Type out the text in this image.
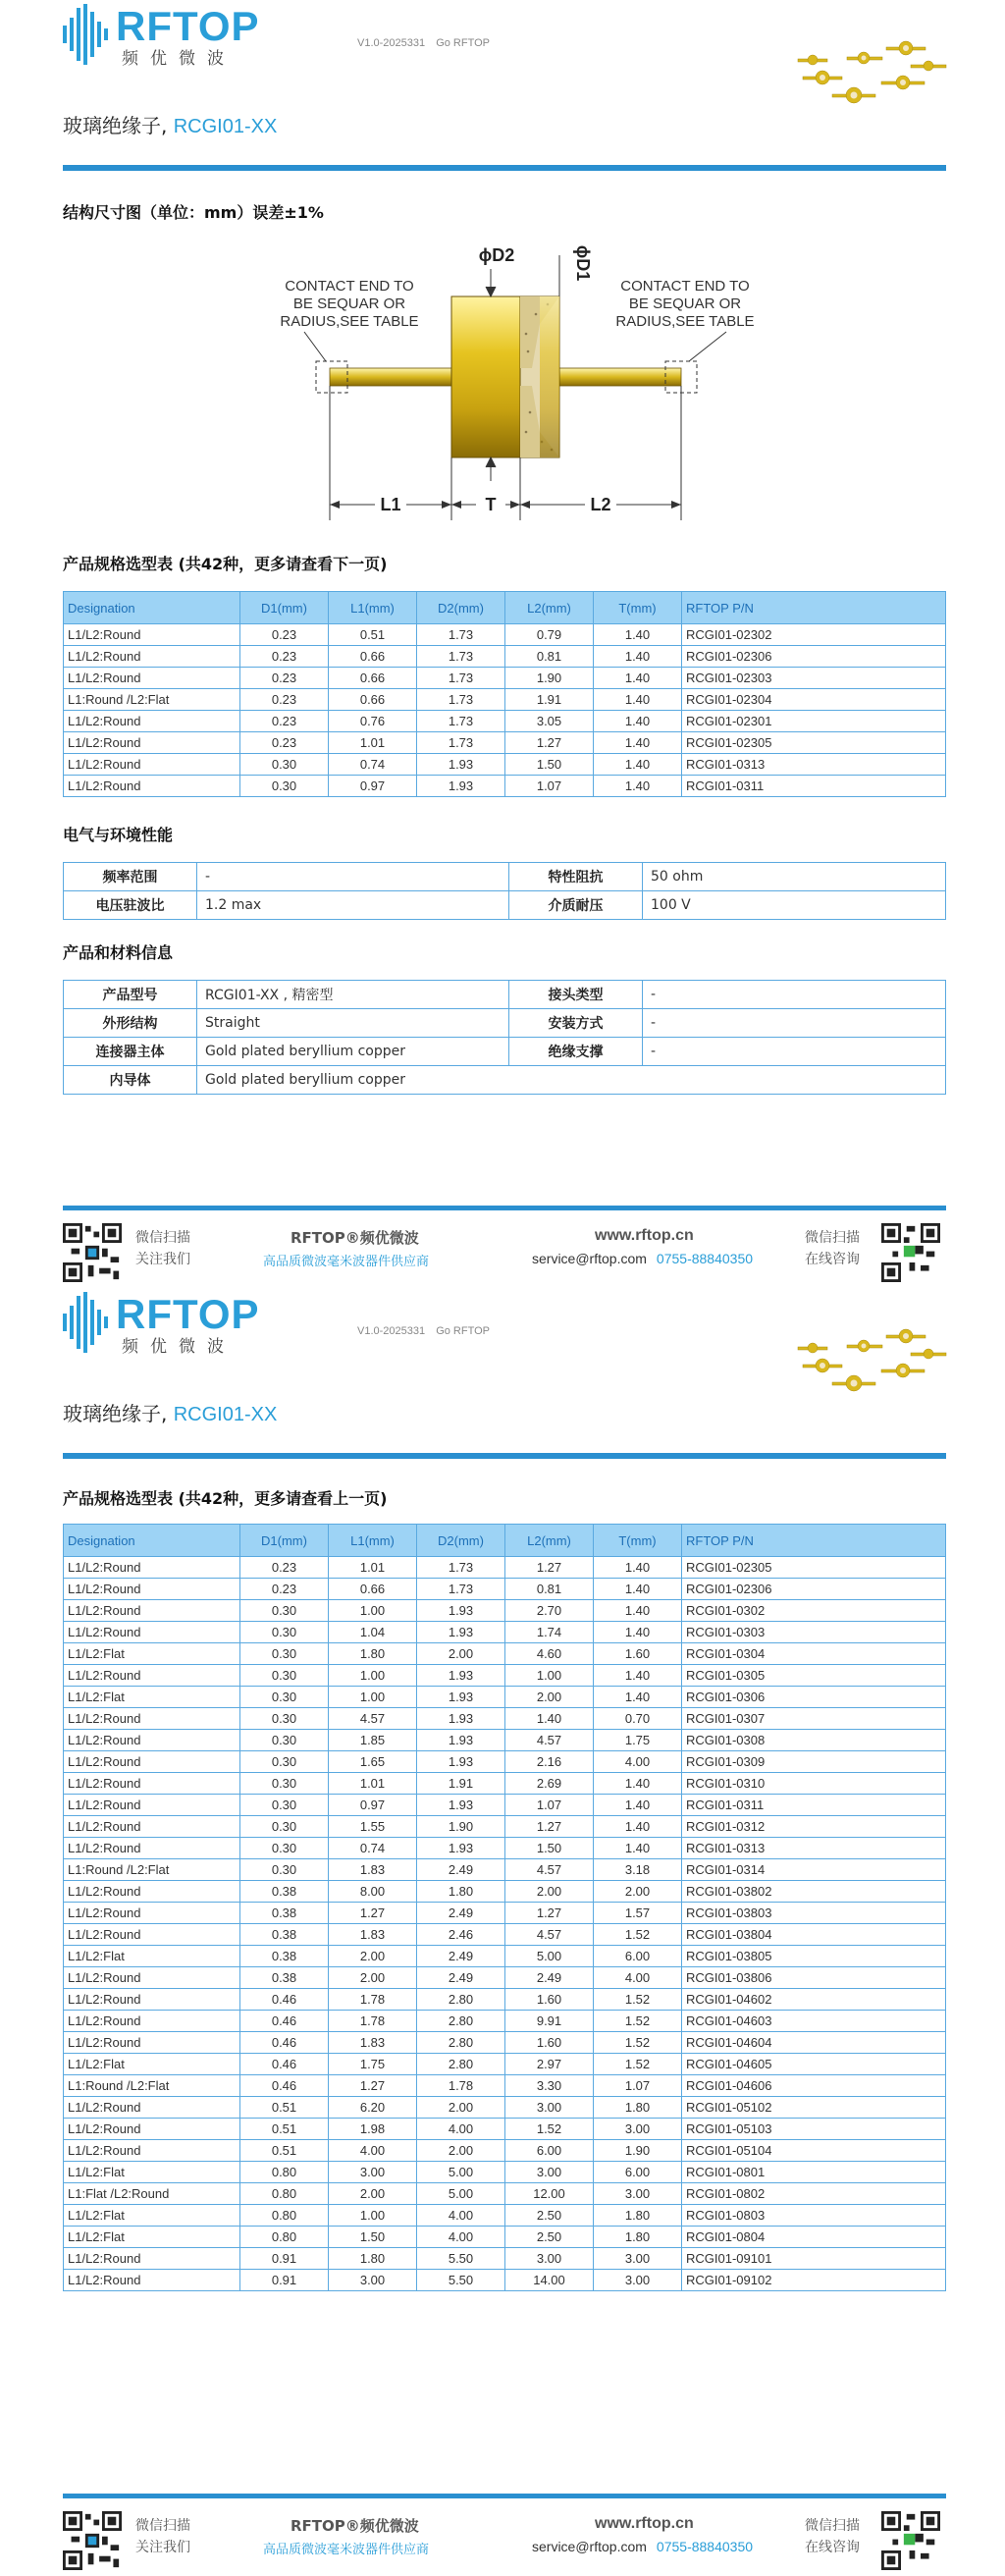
RFTOP
频优微波
V1.0-2025331 Go RFTOP
玻璃绝缘子, RCGI01-XX
结构尺寸图（单位：mm）误差±1%
CONTACT END TO
BE SEQUAR OR
RADIUS,SEE TABLE
CONTACT END TO
BE SEQUAR OR
RADIUS,SEE TABLE
L1	T	L2
ϕD2	ϕD1
产品规格选型表 (共42种，更多请查看下一页)
Designation	D1(mm)	L1(mm)	D2(mm)	L2(mm)	T(mm)	RFTOP P/N
L1/L2:Round	0.23	0.51	1.73	0.79	1.40	RCGI01-02302
L1/L2:Round	0.23	0.66	1.73	0.81	1.40	RCGI01-02306
L1/L2:Round	0.23	0.66	1.73	1.90	1.40	RCGI01-02303
L1:Round /L2:Flat	0.23	0.66	1.73	1.91	1.40	RCGI01-02304
L1/L2:Round	0.23	0.76	1.73	3.05	1.40	RCGI01-02301
L1/L2:Round	0.23	1.01	1.73	1.27	1.40	RCGI01-02305
L1/L2:Round	0.30	0.74	1.93	1.50	1.40	RCGI01-0313
L1/L2:Round	0.30	0.97	1.93	1.07	1.40	RCGI01-0311
电气与环境性能
频率范围	-	特性阻抗	50 ohm
电压驻波比	1.2 max	介质耐压	100 V
产品和材料信息
产品型号	RCGI01-XX , 精密型	接头类型	-
外形结构	Straight	安装方式	-
连接器主体	Gold plated beryllium copper	绝缘支撑	-
内导体	Gold plated beryllium copper		
微信扫描
关注我们
RFTOP®频优微波
高品质微波毫米波器件供应商
www.rftop.cn
service@rftop.com 0755-88840350
微信扫描
在线咨询
RFTOP
频优微波
V1.0-2025331 Go RFTOP
玻璃绝缘子, RCGI01-XX
产品规格选型表 (共42种，更多请查看上一页)
Designation	D1(mm)	L1(mm)	D2(mm)	L2(mm)	T(mm)	RFTOP P/N
L1/L2:Round	0.23	1.01	1.73	1.27	1.40	RCGI01-02305
L1/L2:Round	0.23	0.66	1.73	0.81	1.40	RCGI01-02306
L1/L2:Round	0.30	1.00	1.93	2.70	1.40	RCGI01-0302
L1/L2:Round	0.30	1.04	1.93	1.74	1.40	RCGI01-0303
L1/L2:Flat	0.30	1.80	2.00	4.60	1.60	RCGI01-0304
L1/L2:Round	0.30	1.00	1.93	1.00	1.40	RCGI01-0305
L1/L2:Flat	0.30	1.00	1.93	2.00	1.40	RCGI01-0306
L1/L2:Round	0.30	4.57	1.93	1.40	0.70	RCGI01-0307
L1/L2:Round	0.30	1.85	1.93	4.57	1.75	RCGI01-0308
L1/L2:Round	0.30	1.65	1.93	2.16	4.00	RCGI01-0309
L1/L2:Round	0.30	1.01	1.91	2.69	1.40	RCGI01-0310
L1/L2:Round	0.30	0.97	1.93	1.07	1.40	RCGI01-0311
L1/L2:Round	0.30	1.55	1.90	1.27	1.40	RCGI01-0312
L1/L2:Round	0.30	0.74	1.93	1.50	1.40	RCGI01-0313
L1:Round /L2:Flat	0.30	1.83	2.49	4.57	3.18	RCGI01-0314
L1/L2:Round	0.38	8.00	1.80	2.00	2.00	RCGI01-03802
L1/L2:Round	0.38	1.27	2.49	1.27	1.57	RCGI01-03803
L1/L2:Round	0.38	1.83	2.46	4.57	1.52	RCGI01-03804
L1/L2:Flat	0.38	2.00	2.49	5.00	6.00	RCGI01-03805
L1/L2:Round	0.38	2.00	2.49	2.49	4.00	RCGI01-03806
L1/L2:Round	0.46	1.78	2.80	1.60	1.52	RCGI01-04602
L1/L2:Round	0.46	1.78	2.80	9.91	1.52	RCGI01-04603
L1/L2:Round	0.46	1.83	2.80	1.60	1.52	RCGI01-04604
L1/L2:Flat	0.46	1.75	2.80	2.97	1.52	RCGI01-04605
L1:Round /L2:Flat	0.46	1.27	1.78	3.30	1.07	RCGI01-04606
L1/L2:Round	0.51	6.20	2.00	3.00	1.80	RCGI01-05102
L1/L2:Round	0.51	1.98	4.00	1.52	3.00	RCGI01-05103
L1/L2:Round	0.51	4.00	2.00	6.00	1.90	RCGI01-05104
L1/L2:Flat	0.80	3.00	5.00	3.00	6.00	RCGI01-0801
L1:Flat /L2:Round	0.80	2.00	5.00	12.00	3.00	RCGI01-0802
L1/L2:Flat	0.80	1.00	4.00	2.50	1.80	RCGI01-0803
L1/L2:Flat	0.80	1.50	4.00	2.50	1.80	RCGI01-0804
L1/L2:Round	0.91	1.80	5.50	3.00	3.00	RCGI01-09101
L1/L2:Round	0.91	3.00	5.50	14.00	3.00	RCGI01-09102
微信扫描
关注我们
RFTOP®频优微波
高品质微波毫米波器件供应商
www.rftop.cn
service@rftop.com 0755-88840350
微信扫描
在线咨询
